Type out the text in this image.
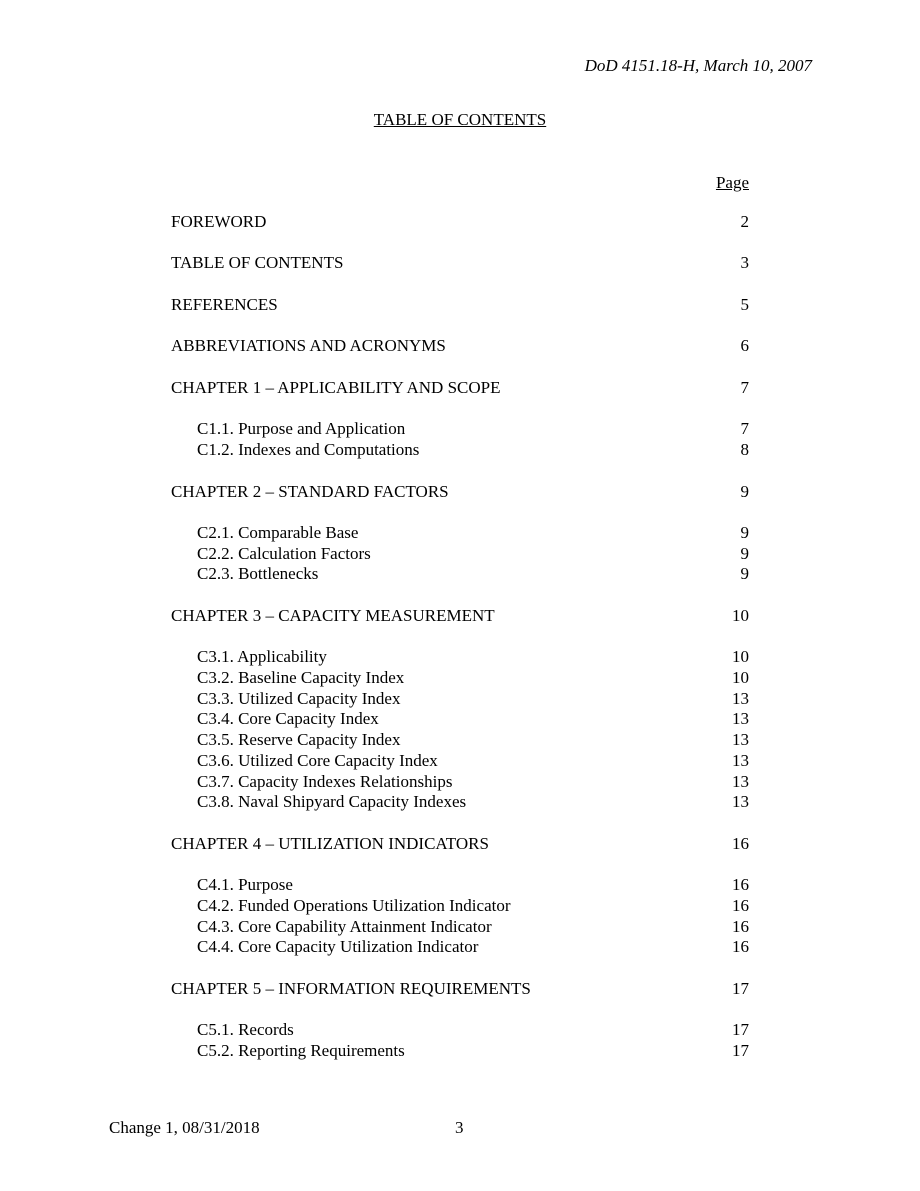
DoD 4151.18-H, March 10, 2007
TABLE OF CONTENTS
Page
FOREWORD	2
TABLE OF CONTENTS	3
REFERENCES	5
ABBREVIATIONS AND ACRONYMS	6
CHAPTER 1 – APPLICABILITY AND SCOPE	7
C1.1. Purpose and Application	7
C1.2. Indexes and Computations	8
CHAPTER 2 – STANDARD FACTORS	9
C2.1. Comparable Base	9
C2.2. Calculation Factors	9
C2.3. Bottlenecks	9
CHAPTER 3 – CAPACITY MEASUREMENT	10
C3.1. Applicability	10
C3.2. Baseline Capacity Index	10
C3.3. Utilized Capacity Index	13
C3.4. Core Capacity Index	13
C3.5. Reserve Capacity Index	13
C3.6. Utilized Core Capacity Index	13
C3.7. Capacity Indexes Relationships	13
C3.8. Naval Shipyard Capacity Indexes	13
CHAPTER 4 – UTILIZATION INDICATORS	16
C4.1. Purpose	16
C4.2. Funded Operations Utilization Indicator	16
C4.3. Core Capability Attainment Indicator	16
C4.4. Core Capacity Utilization Indicator	16
CHAPTER 5 – INFORMATION REQUIREMENTS	17
C5.1. Records	17
C5.2. Reporting Requirements	17
Change 1, 08/31/2018	3
